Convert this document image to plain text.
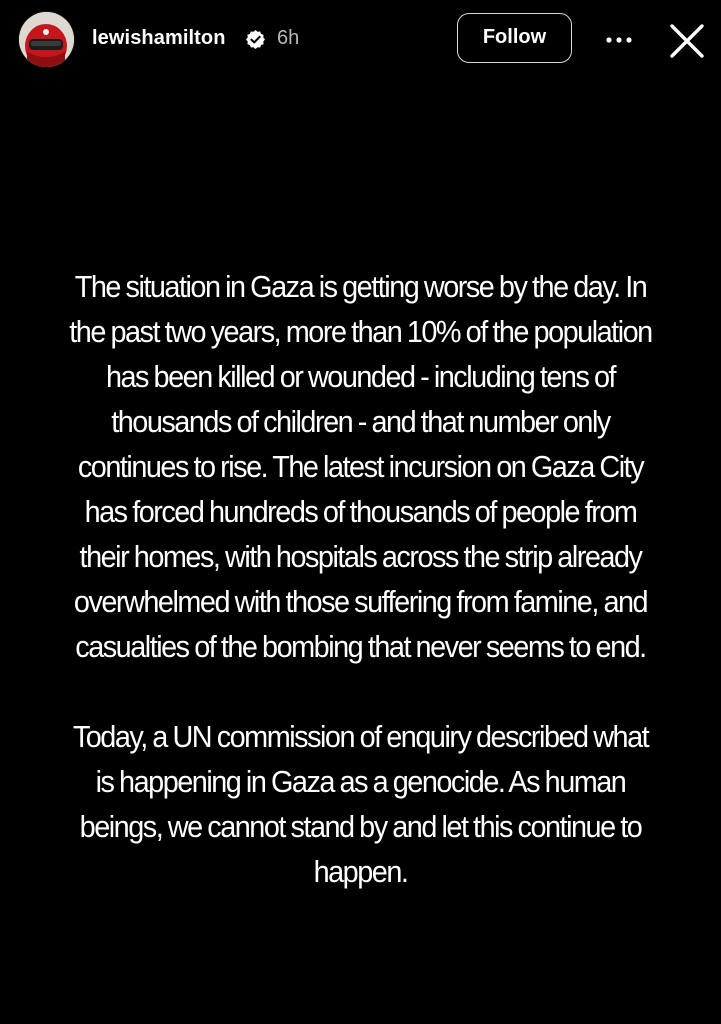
lewishamilton	6h	Follow

The situation in Gaza is getting worse by the day. In the past two years, more than 10% of the population has been killed or wounded - including tens of thousands of children - and that number only continues to rise. The latest incursion on Gaza City has forced hundreds of thousands of people from their homes, with hospitals across the strip already overwhelmed with those suffering from famine, and casualties of the bombing that never seems to end.

Today, a UN commission of enquiry described what is happening in Gaza as a genocide. As human beings, we cannot stand by and let this continue to happen.
